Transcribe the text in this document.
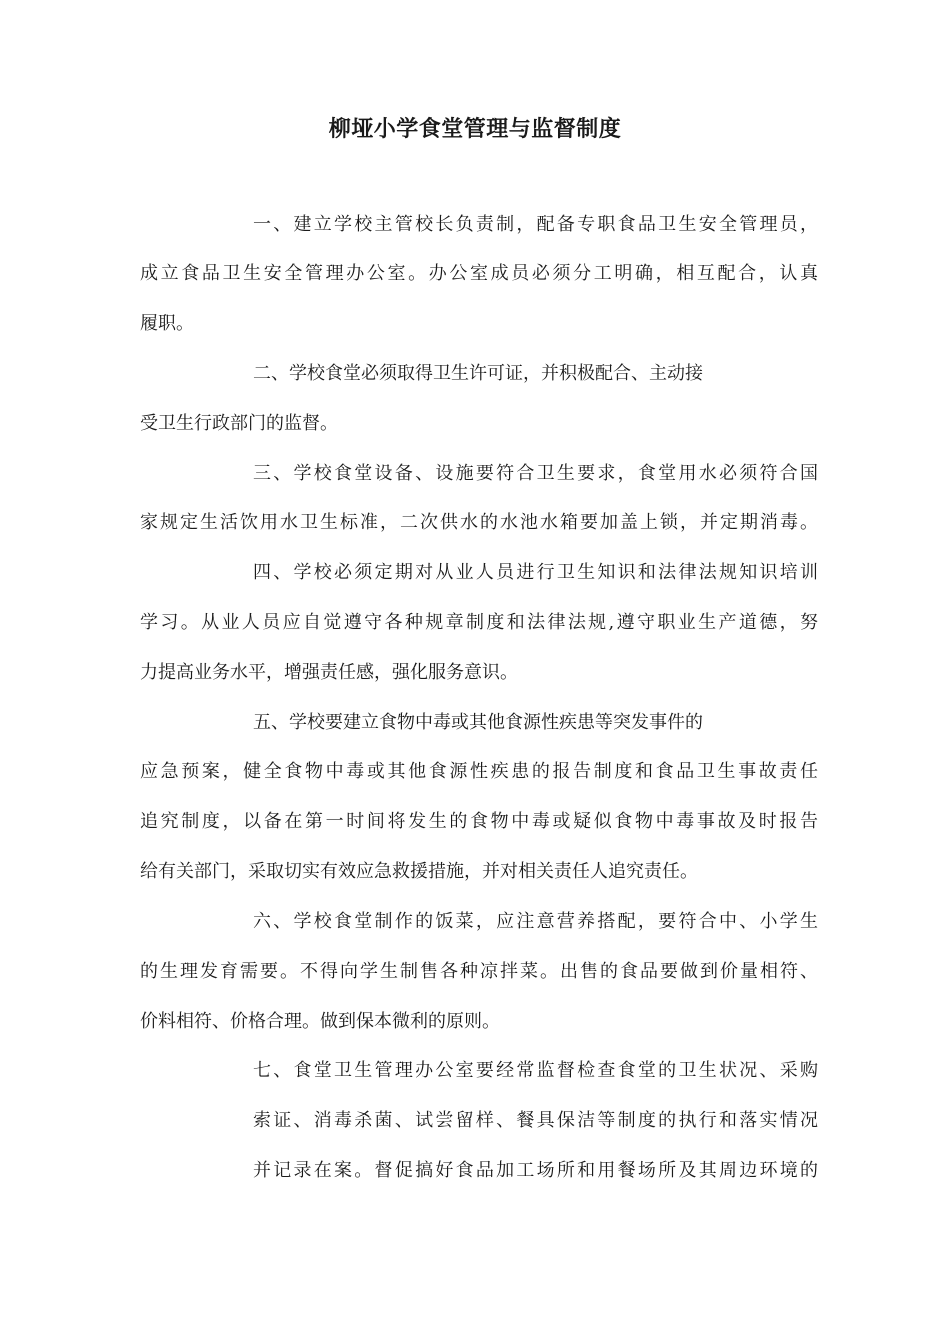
柳垭小学食堂管理与监督制度
一、建立学校主管校长负责制，配备专职食品卫生安全管理员，
成立食品卫生安全管理办公室。办公室成员必须分工明确，相互配合，认真
履职。
二、学校食堂必须取得卫生许可证，并积极配合、主动接
受卫生行政部门的监督。
三、学校食堂设备、设施要符合卫生要求，食堂用水必须符合国
家规定生活饮用水卫生标准，二次供水的水池水箱要加盖上锁，并定期消毒。
四、学校必须定期对从业人员进行卫生知识和法律法规知识培训
学习。从业人员应自觉遵守各种规章制度和法律法规,遵守职业生产道德，努
力提高业务水平，增强责任感，强化服务意识。
五、学校要建立食物中毒或其他食源性疾患等突发事件的
应急预案，健全食物中毒或其他食源性疾患的报告制度和食品卫生事故责任
追究制度，以备在第一时间将发生的食物中毒或疑似食物中毒事故及时报告
给有关部门，采取切实有效应急救援措施，并对相关责任人追究责任。
六、学校食堂制作的饭菜，应注意营养搭配，要符合中、小学生
的生理发育需要。不得向学生制售各种凉拌菜。出售的食品要做到价量相符、
价料相符、价格合理。做到保本微利的原则。
七、食堂卫生管理办公室要经常监督检查食堂的卫生状况、采购
索证、消毒杀菌、试尝留样、餐具保洁等制度的执行和落实情况
并记录在案。督促搞好食品加工场所和用餐场所及其周边环境的
